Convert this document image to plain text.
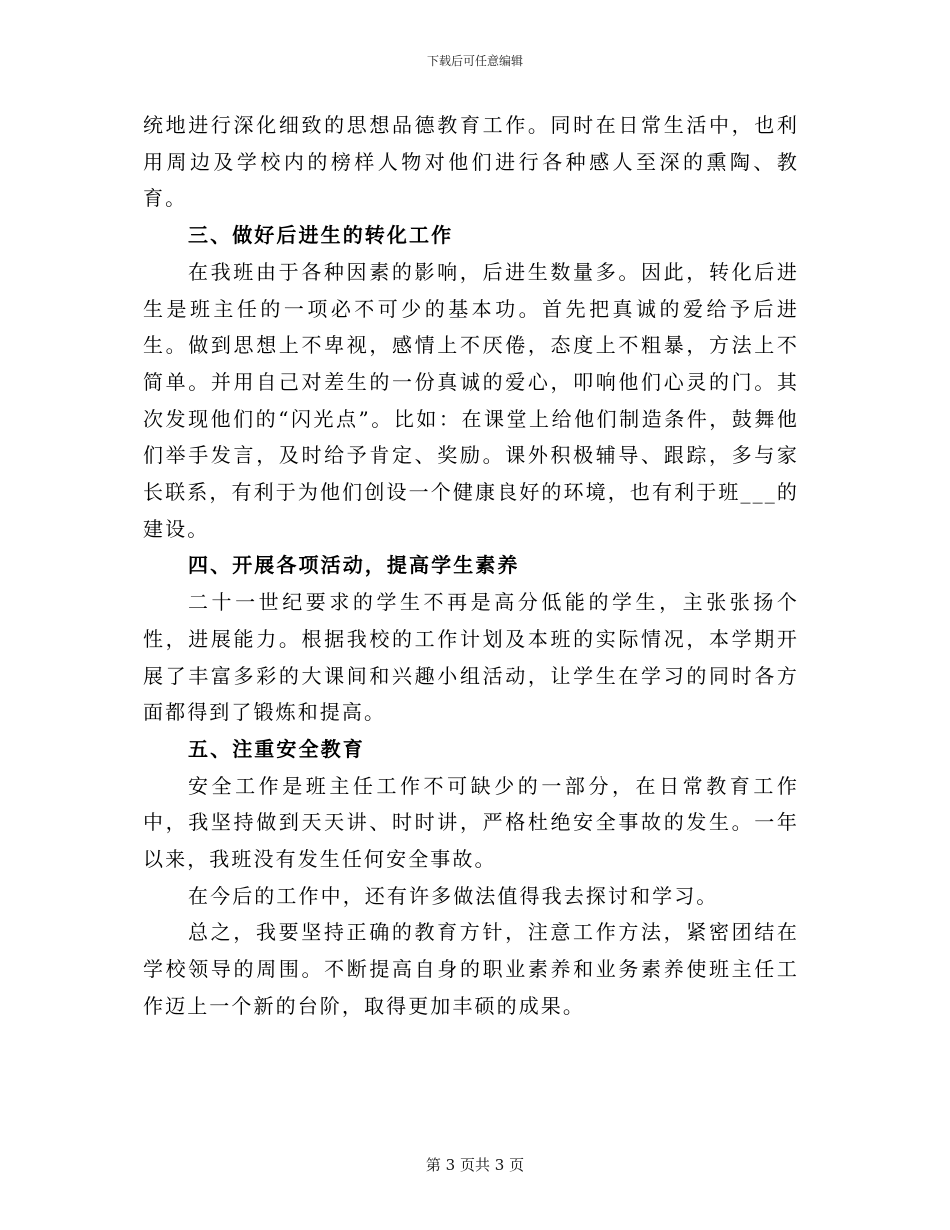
下载后可任意编辑

统地进行深化细致的思想品德教育工作。同时在日常生活中，也利用周边及学校内的榜样人物对他们进行各种感人至深的熏陶、教育。

三、做好后进生的转化工作

在我班由于各种因素的影响，后进生数量多。因此，转化后进生是班主任的一项必不可少的基本功。首先把真诚的爱给予后进生。做到思想上不卑视，感情上不厌倦，态度上不粗暴，方法上不简单。并用自己对差生的一份真诚的爱心，叩响他们心灵的门。其次发现他们的“闪光点”。比如：在课堂上给他们制造条件，鼓舞他们举手发言，及时给予肯定、奖励。课外积极辅导、跟踪，多与家长联系，有利于为他们创设一个健康良好的环境，也有利于班___的建设。

四、开展各项活动，提高学生素养

二十一世纪要求的学生不再是高分低能的学生，主张张扬个性，进展能力。根据我校的工作计划及本班的实际情况，本学期开展了丰富多彩的大课间和兴趣小组活动，让学生在学习的同时各方面都得到了锻炼和提高。

五、注重安全教育

安全工作是班主任工作不可缺少的一部分，在日常教育工作中，我坚持做到天天讲、时时讲，严格杜绝安全事故的发生。一年以来，我班没有发生任何安全事故。

在今后的工作中，还有许多做法值得我去探讨和学习。

总之，我要坚持正确的教育方针，注意工作方法，紧密团结在学校领导的周围。不断提高自身的职业素养和业务素养使班主任工作迈上一个新的台阶，取得更加丰硕的成果。

第 3 页共 3 页
